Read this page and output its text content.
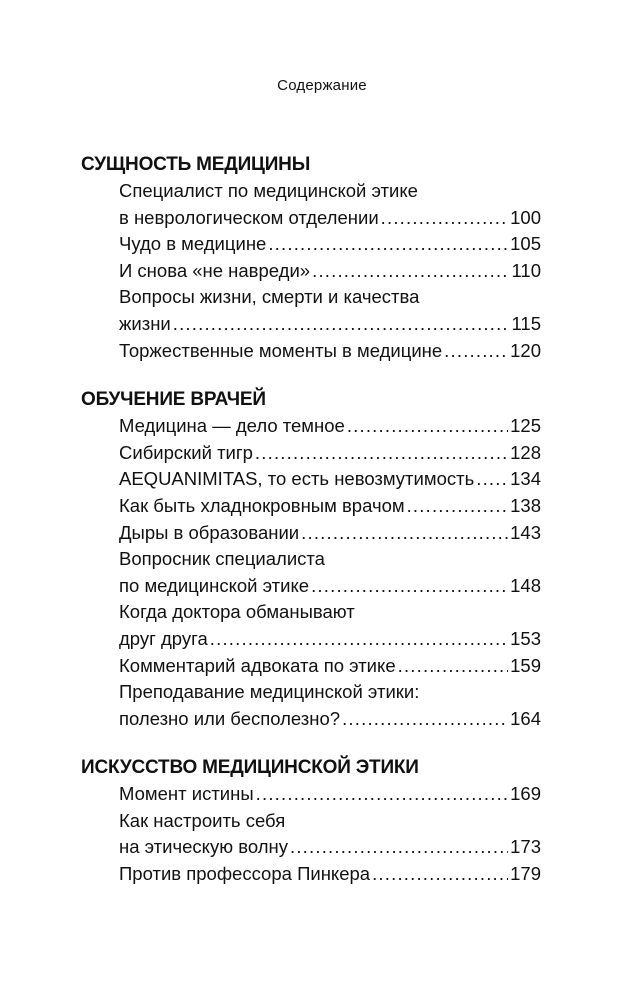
Содержание
СУЩНОСТЬ МЕДИЦИНЫ
Специалист по медицинской этике
в неврологическом отделении .....	100
Чудо в медицине .....	105
И снова «не навреди» .....	110
Вопросы жизни, смерти и качества
жизни .....	115
Торжественные моменты в медицине .....	120
ОБУЧЕНИЕ ВРАЧЕЙ
Медицина — дело темное .....	125
Сибирский тигр .....	128
AEQUANIMITAS, то есть невозмутимость ..... 134
Как быть хладнокровным врачом .....	138
Дыры в образовании .....	143
Вопросник специалиста
по медицинской этике .....	148
Когда доктора обманывают
друг друга .....	153
Комментарий адвоката по этике .....	159
Преподавание медицинской этики:
полезно или бесполезно? .....	164
ИСКУССТВО МЕДИЦИНСКОЙ ЭТИКИ
Момент истины .....	169
Как настроить себя
на этическую волну .....	173
Против профессора Пинкера .....	179
